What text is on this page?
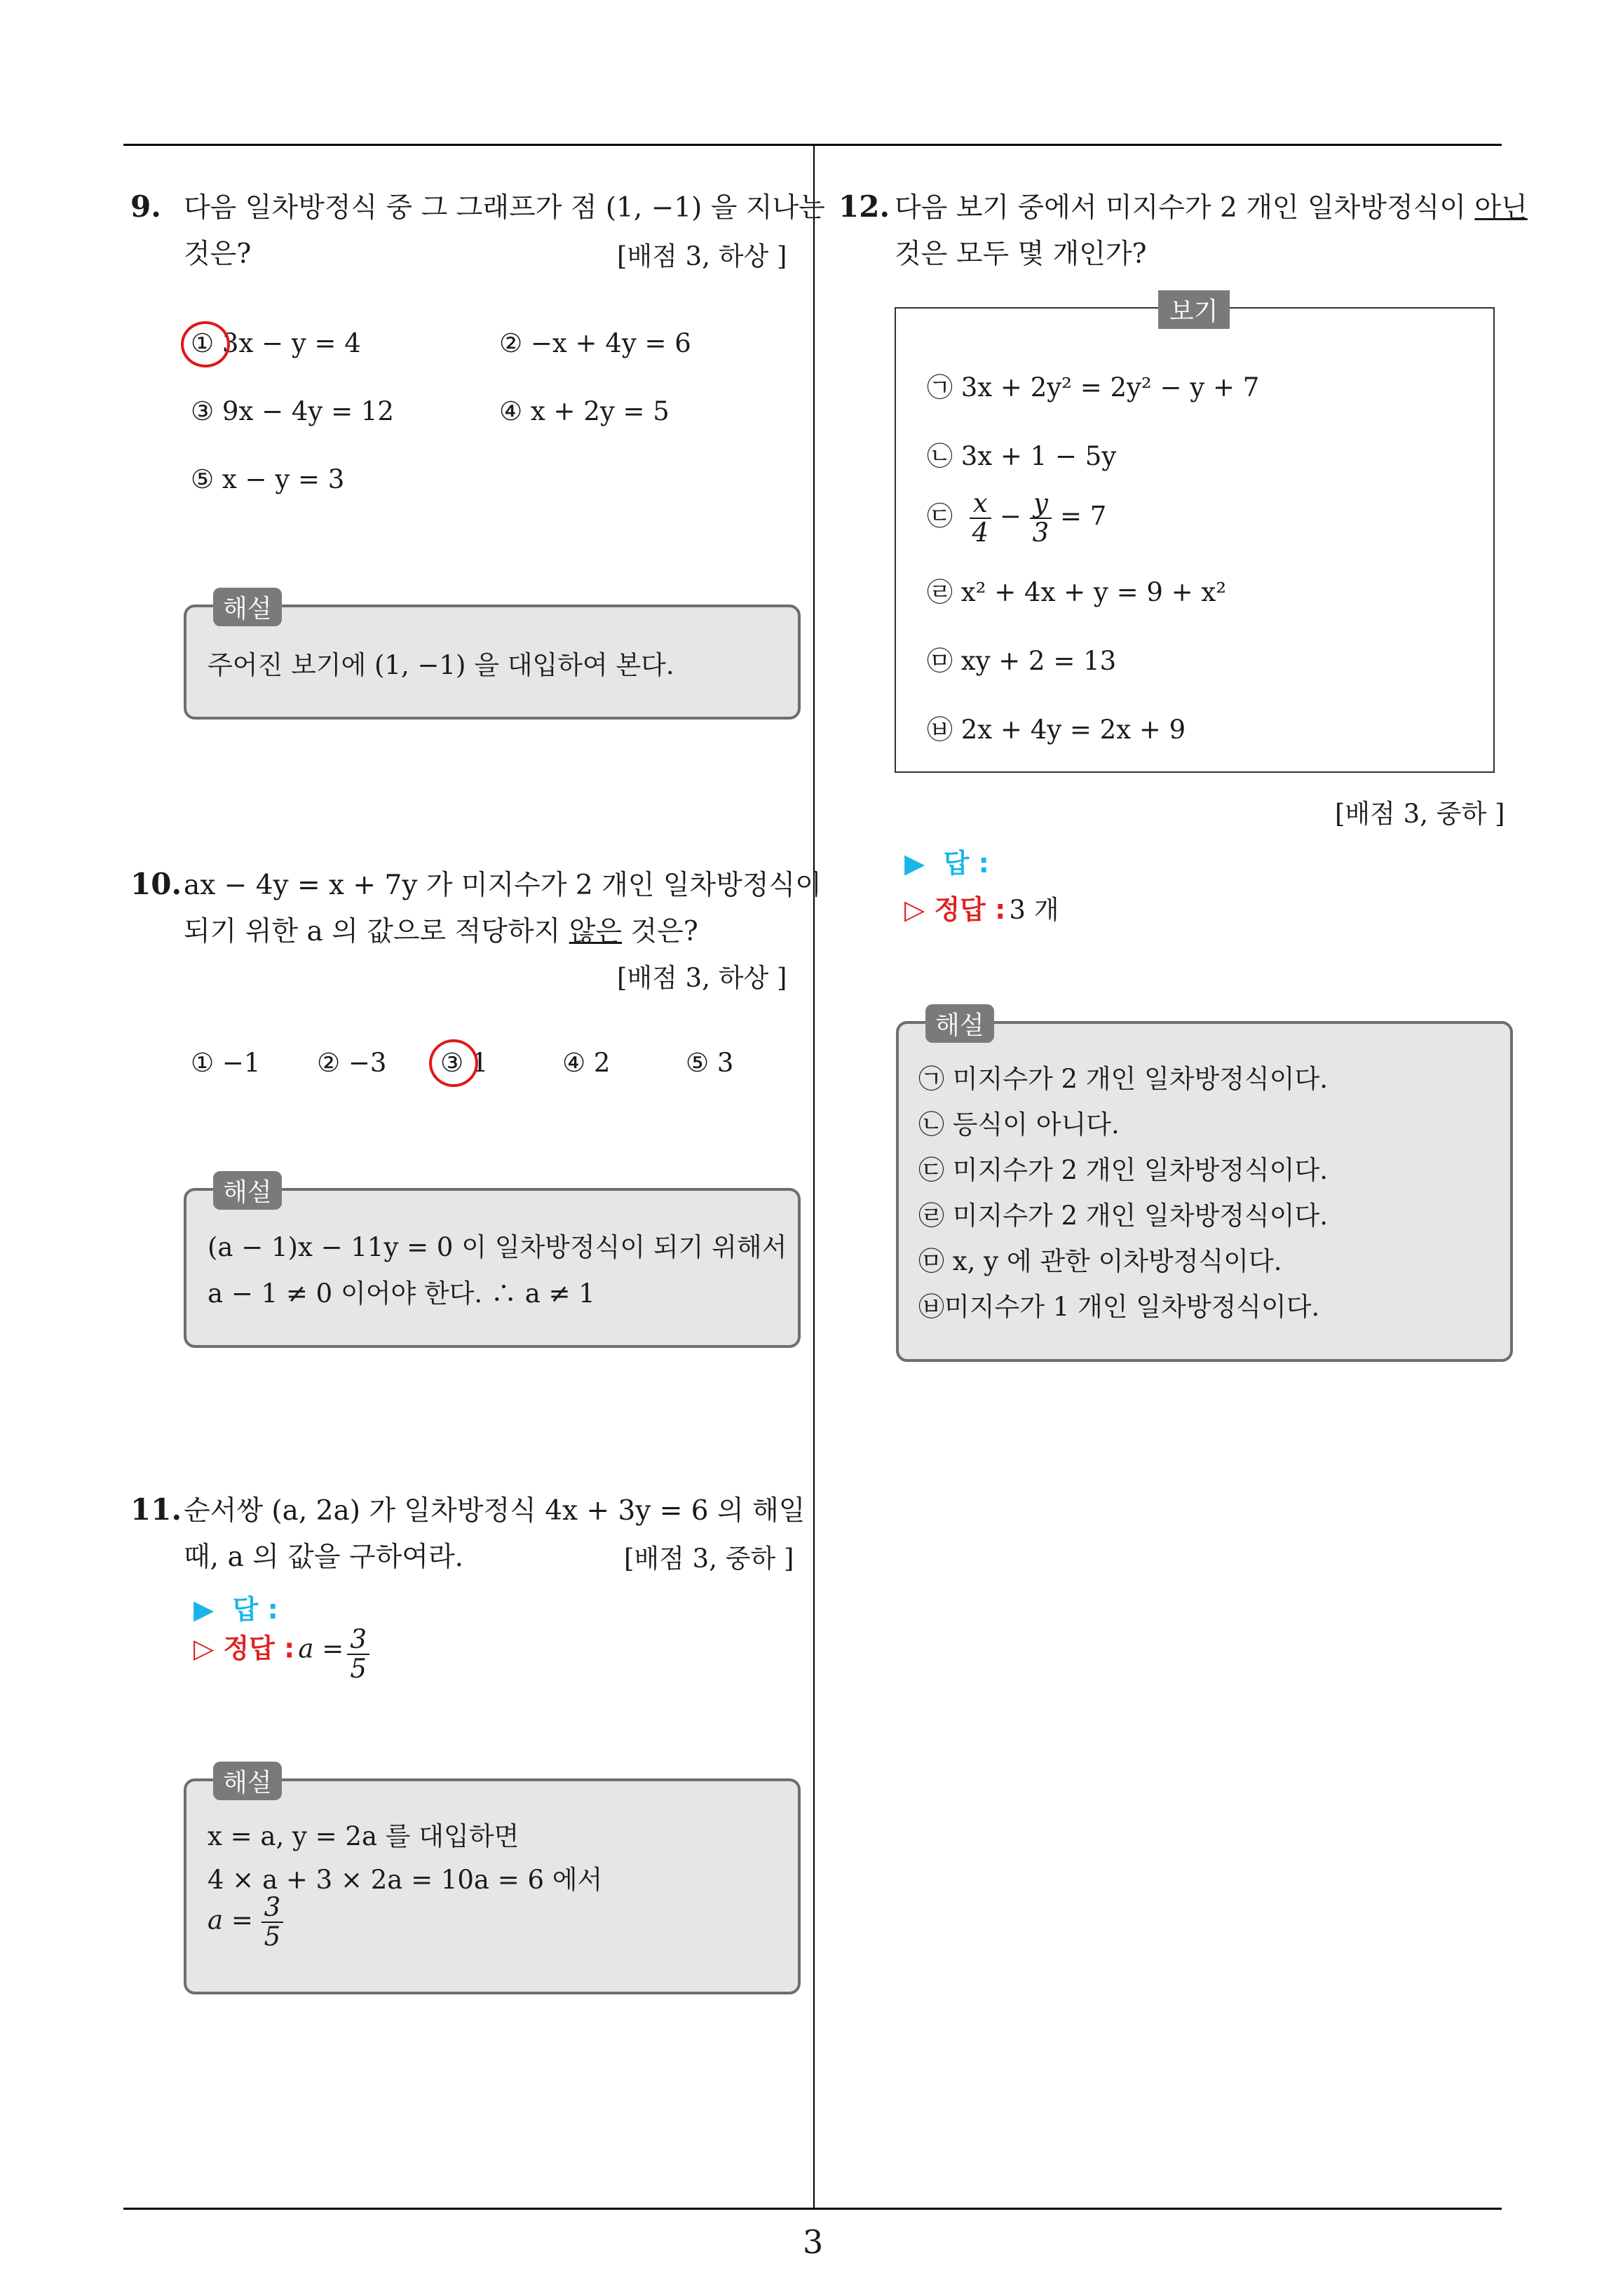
3
9. 다음 일차방정식 중 그 그래프가 점 (1, −1) 을 지나는
것은?	[배점 3, 하상 ]
① 3x − y = 4	② −x + 4y = 6
③ 9x − 4y = 12	④ x + 2y = 5
⑤ x − y = 3
해설
주어진 보기에 (1, −1) 을 대입하여 본다.
10. ax − 4y = x + 7y 가 미지수가 2 개인 일차방정식이
되기 위한 a 의 값으로 적당하지 않은 것은?
[배점 3, 하상 ]
① −1 ② −3 ③ 1	④ 2	⑤ 3
해설
(a − 1)x − 11y = 0 이 일차방정식이 되기 위해서
a − 1 ≠ 0 이어야 한다. ∴ a ≠ 1
11. 순서쌍 (a, 2a) 가 일차방정식 4x + 3y = 6 의 해일
때, a 의 값을 구하여라.	[배점 3, 중하 ]
▶  답 :
▷ 정답 : $a = \frac{3}{5}$
해설
x = a, y = 2a 를 대입하면
4 × a + 3 × 2a = 10a = 6 에서
$a = \frac{3}{5}$
12. 다음 보기 중에서 미지수가 2 개인 일차방정식이 아닌
것은 모두 몇 개인가?
보기
㉠ 3x + 2y² = 2y² − y + 7
㉡ 3x + 1 − 5y
㉢ $\frac{x}{4} - \frac{y}{3} = 7$
㉣ x² + 4x + y = 9 + x²
㉤ xy + 2 = 13
㉥ 2x + 4y = 2x + 9
[배점 3, 중하 ]
▶  답 :
▷ 정답 : 3 개
해설
㉠ 미지수가 2 개인 일차방정식이다.
㉡ 등식이 아니다.
㉢ 미지수가 2 개인 일차방정식이다.
㉣ 미지수가 2 개인 일차방정식이다.
㉤ x, y 에 관한 이차방정식이다.
㉥미지수가 1 개인 일차방정식이다.
